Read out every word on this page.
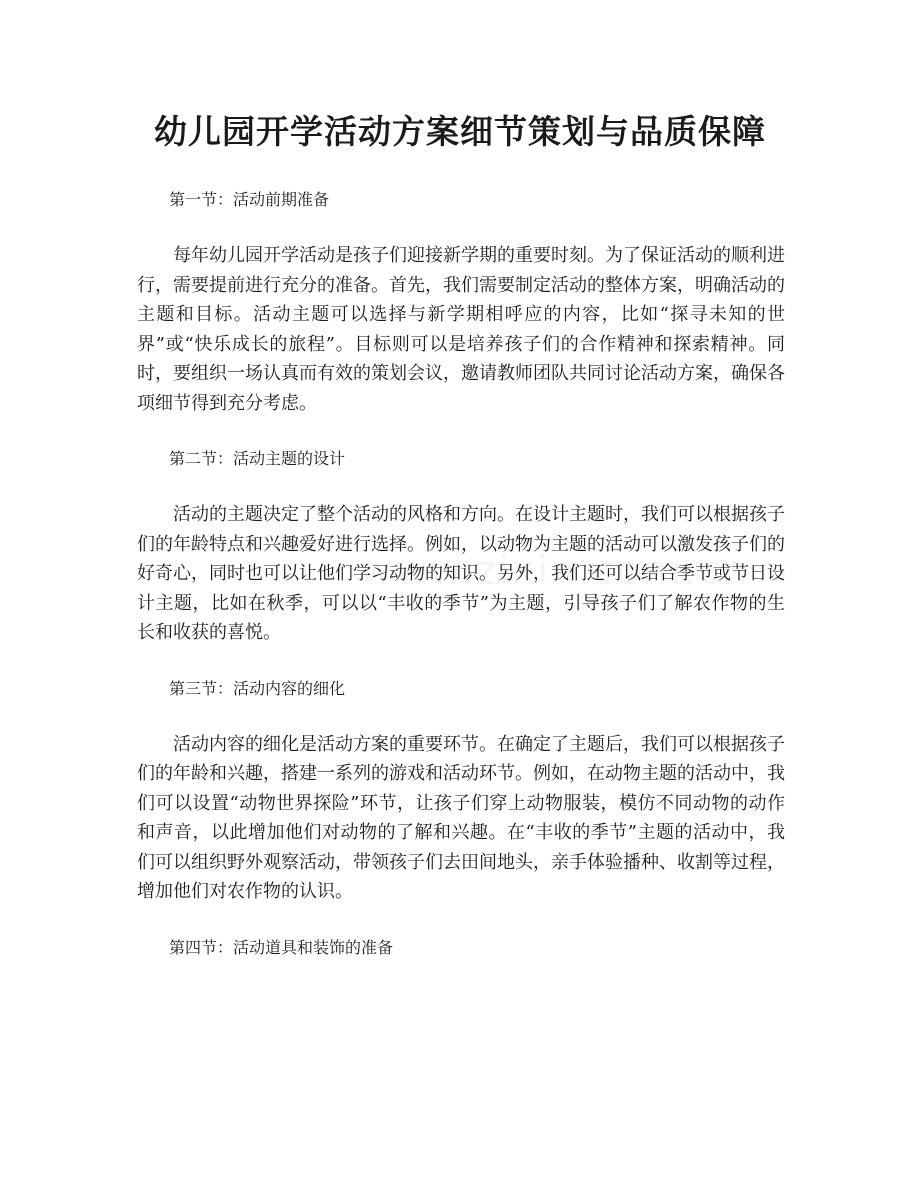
幼儿园开学活动方案细节策划与品质保障
第一节：活动前期准备

每年幼儿园开学活动是孩子们迎接新学期的重要时刻。为了保证活动的顺利进行，需要提前进行充分的准备。首先，我们需要制定活动的整体方案，明确活动的主题和目标。活动主题可以选择与新学期相呼应的内容，比如“探寻未知的世界”或“快乐成长的旅程”。目标则可以是培养孩子们的合作精神和探索精神。同时，要组织一场认真而有效的策划会议，邀请教师团队共同讨论活动方案，确保各项细节得到充分考虑。

第二节：活动主题的设计

活动的主题决定了整个活动的风格和方向。在设计主题时，我们可以根据孩子们的年龄特点和兴趣爱好进行选择。例如，以动物为主题的活动可以激发孩子们的好奇心，同时也可以让他们学习动物的知识。另外，我们还可以结合季节或节日设计主题，比如在秋季，可以以“丰收的季节”为主题，引导孩子们了解农作物的生长和收获的喜悦。

第三节：活动内容的细化

活动内容的细化是活动方案的重要环节。在确定了主题后，我们可以根据孩子们的年龄和兴趣，搭建一系列的游戏和活动环节。例如，在动物主题的活动中，我们可以设置“动物世界探险”环节，让孩子们穿上动物服装，模仿不同动物的动作和声音，以此增加他们对动物的了解和兴趣。在“丰收的季节”主题的活动中，我们可以组织野外观察活动，带领孩子们去田间地头，亲手体验播种、收割等过程，增加他们对农作物的认识。

第四节：活动道具和装饰的准备
